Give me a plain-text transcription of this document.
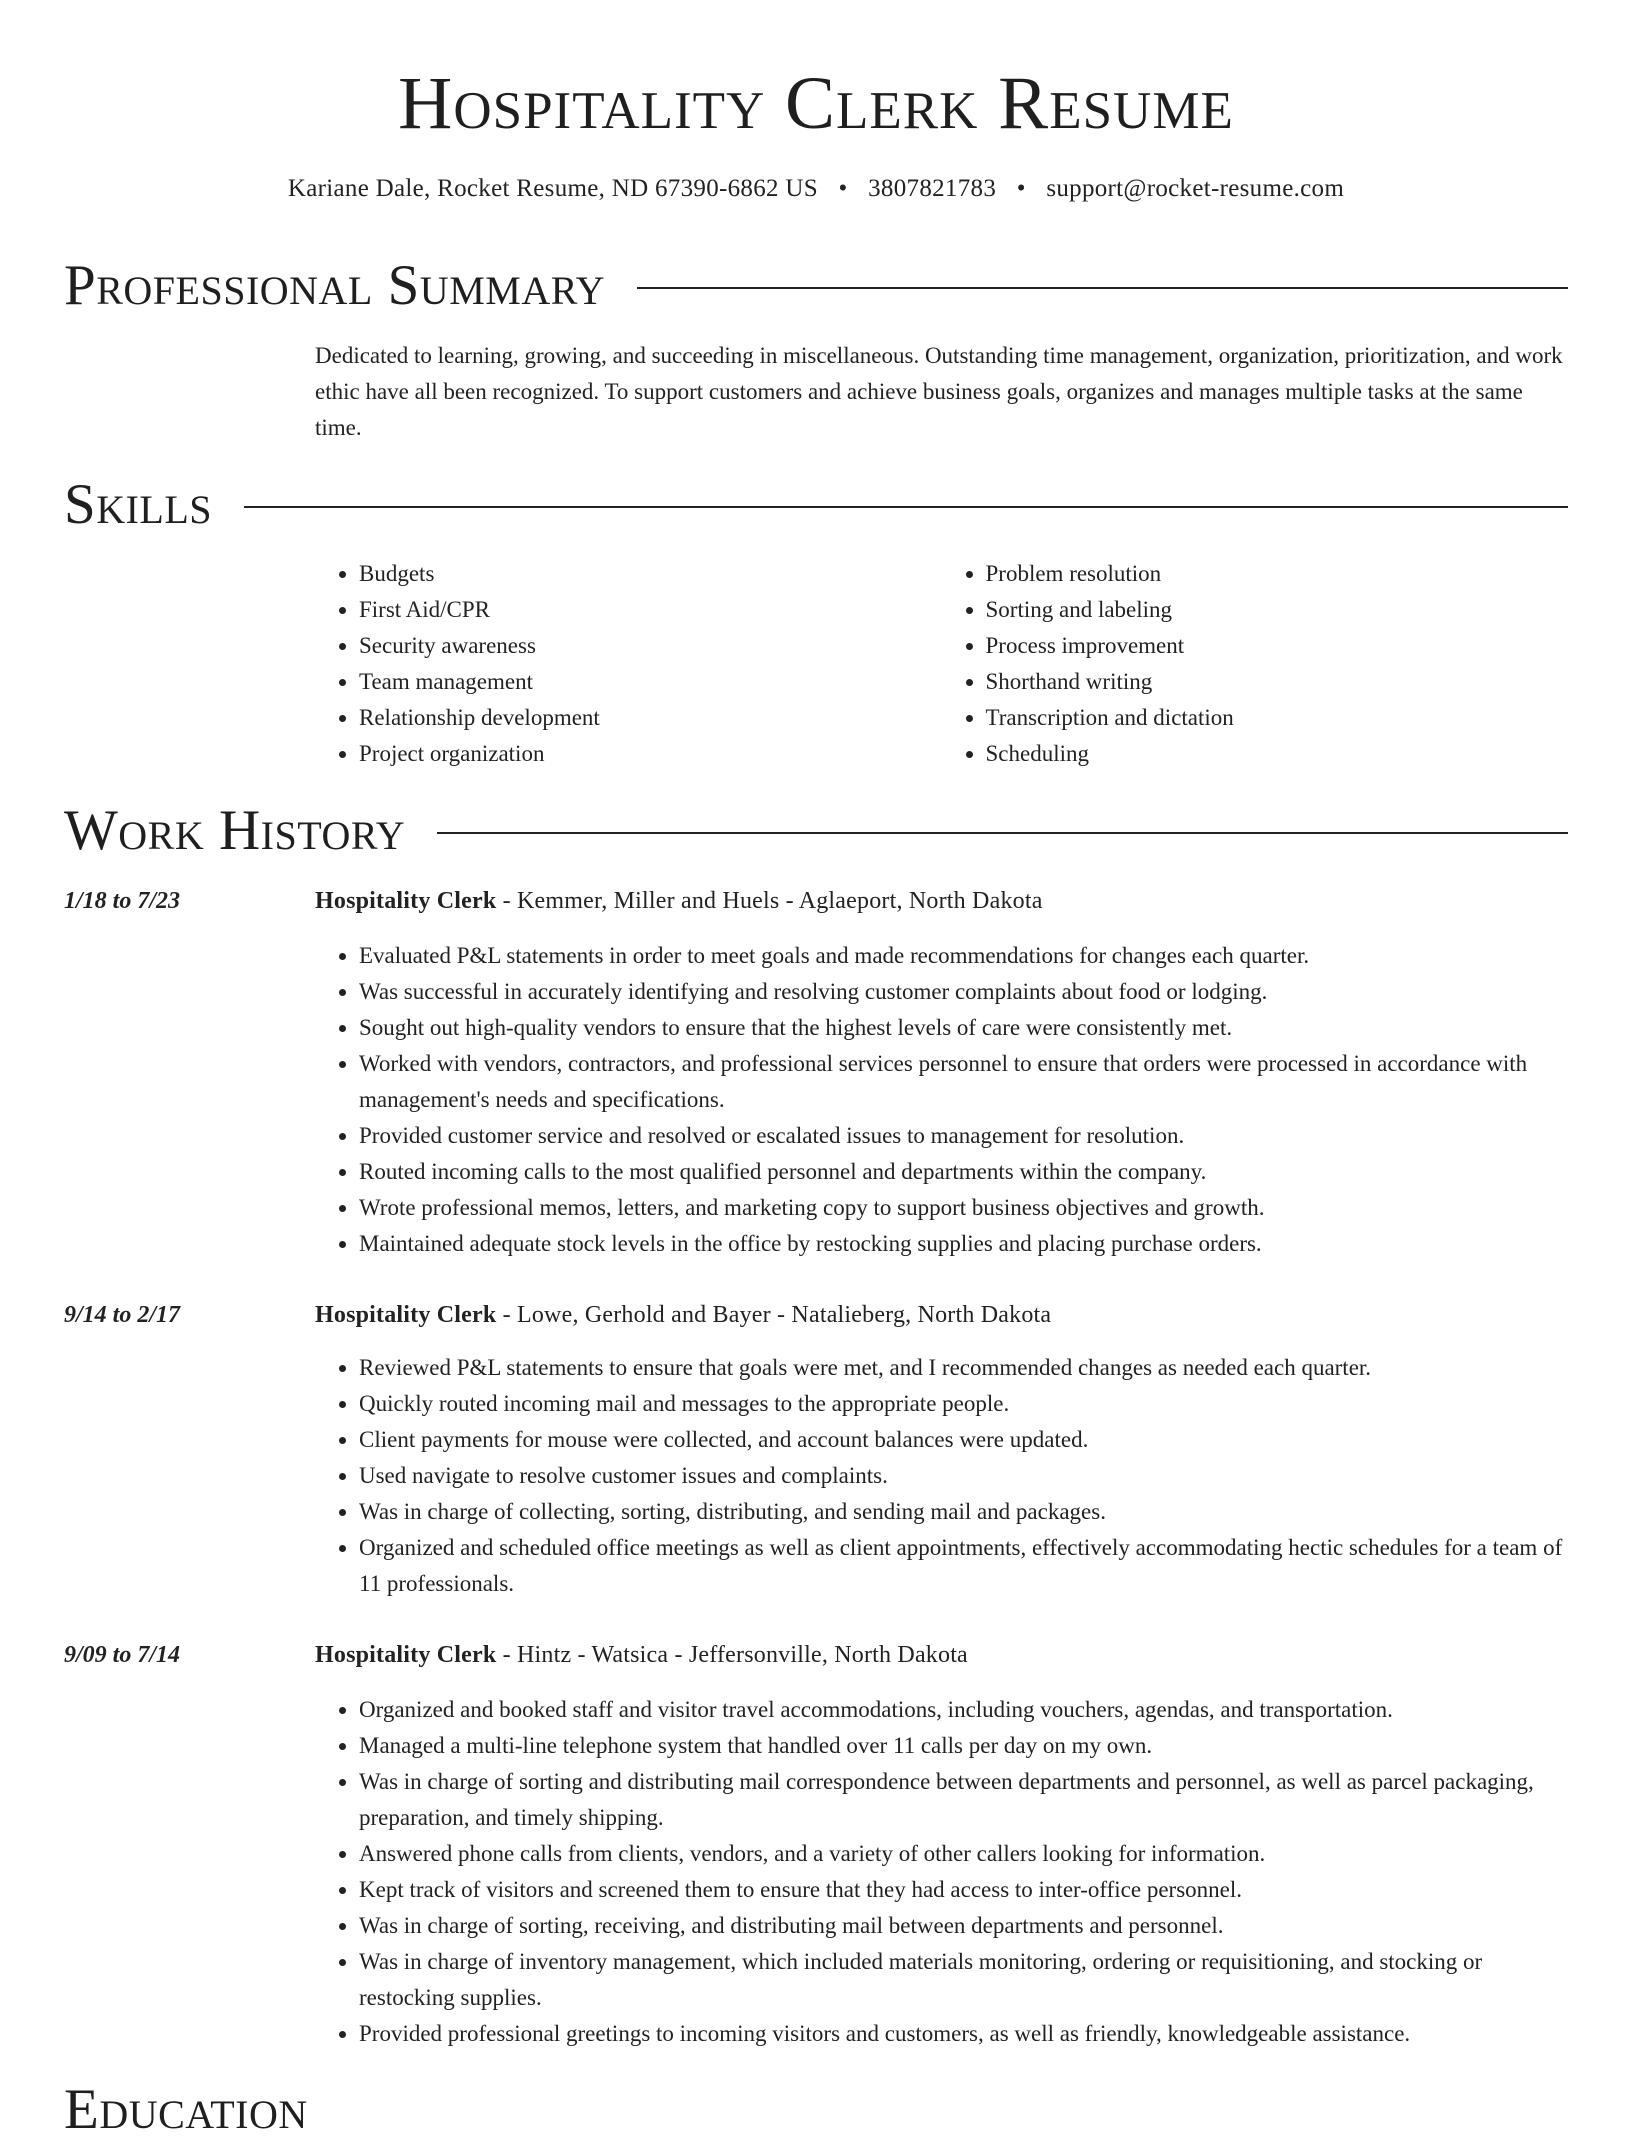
Hospitality Clerk Resume
Kariane Dale, Rocket Resume, ND 67390-6862 US • 3807821783 • support@rocket-resume.com
Professional Summary
Dedicated to learning, growing, and succeeding in miscellaneous. Outstanding time management, organization, prioritization, and work ethic have all been recognized. To support customers and achieve business goals, organizes and manages multiple tasks at the same time.
Skills
• Budgets
• First Aid/CPR
• Security awareness
• Team management
• Relationship development
• Project organization
• Problem resolution
• Sorting and labeling
• Process improvement
• Shorthand writing
• Transcription and dictation
• Scheduling
Work History
1/18 to 7/23	Hospitality Clerk - Kemmer, Miller and Huels - Aglaeport, North Dakota
• Evaluated P&L statements in order to meet goals and made recommendations for changes each quarter.
• Was successful in accurately identifying and resolving customer complaints about food or lodging.
• Sought out high-quality vendors to ensure that the highest levels of care were consistently met.
• Worked with vendors, contractors, and professional services personnel to ensure that orders were processed in accordance with management's needs and specifications.
• Provided customer service and resolved or escalated issues to management for resolution.
• Routed incoming calls to the most qualified personnel and departments within the company.
• Wrote professional memos, letters, and marketing copy to support business objectives and growth.
• Maintained adequate stock levels in the office by restocking supplies and placing purchase orders.
9/14 to 2/17	Hospitality Clerk - Lowe, Gerhold and Bayer - Natalieberg, North Dakota
• Reviewed P&L statements to ensure that goals were met, and I recommended changes as needed each quarter.
• Quickly routed incoming mail and messages to the appropriate people.
• Client payments for mouse were collected, and account balances were updated.
• Used navigate to resolve customer issues and complaints.
• Was in charge of collecting, sorting, distributing, and sending mail and packages.
• Organized and scheduled office meetings as well as client appointments, effectively accommodating hectic schedules for a team of 11 professionals.
9/09 to 7/14	Hospitality Clerk - Hintz - Watsica - Jeffersonville, North Dakota
• Organized and booked staff and visitor travel accommodations, including vouchers, agendas, and transportation.
• Managed a multi-line telephone system that handled over 11 calls per day on my own.
• Was in charge of sorting and distributing mail correspondence between departments and personnel, as well as parcel packaging, preparation, and timely shipping.
• Answered phone calls from clients, vendors, and a variety of other callers looking for information.
• Kept track of visitors and screened them to ensure that they had access to inter-office personnel.
• Was in charge of sorting, receiving, and distributing mail between departments and personnel.
• Was in charge of inventory management, which included materials monitoring, ordering or requisitioning, and stocking or restocking supplies.
• Provided professional greetings to incoming visitors and customers, as well as friendly, knowledgeable assistance.
Education
